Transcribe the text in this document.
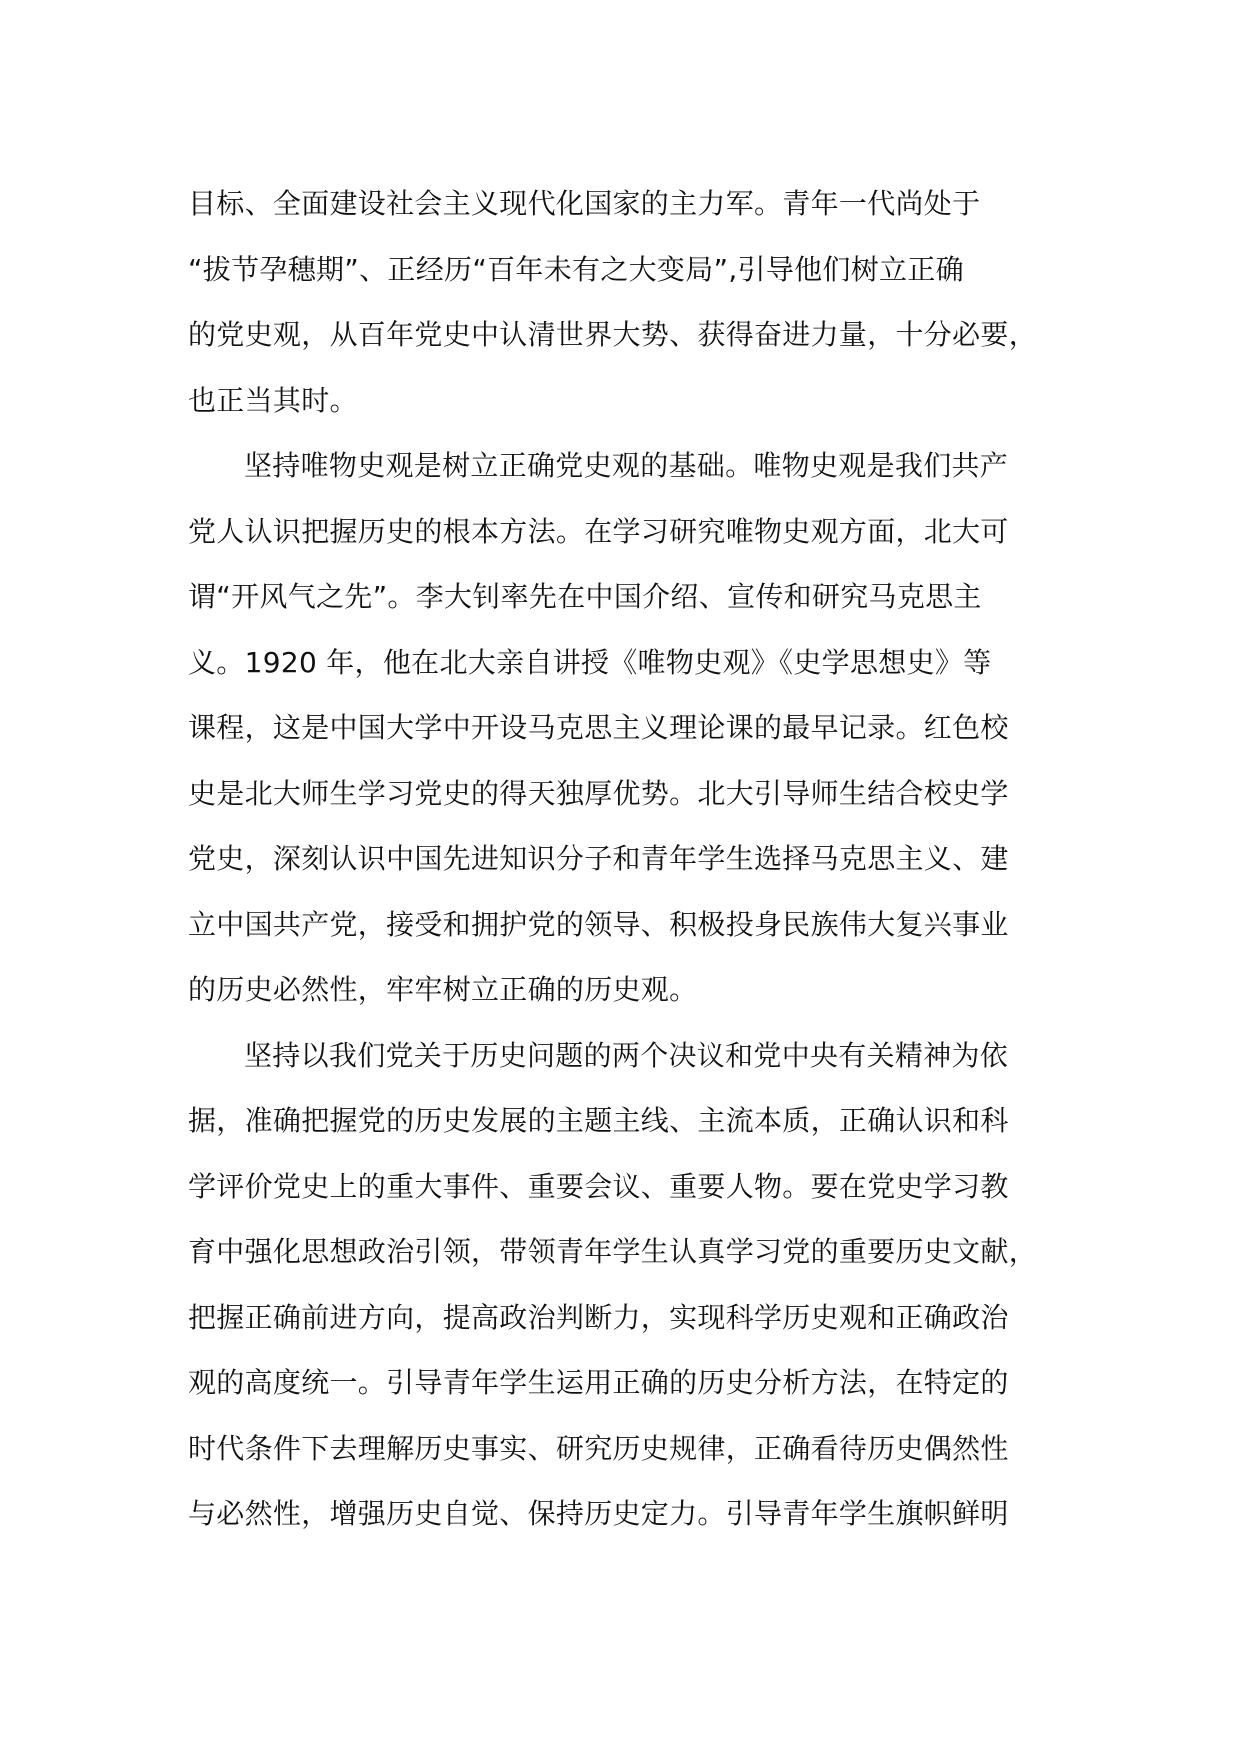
目标、全面建设社会主义现代化国家的主力军。青年一代尚处于
“拔节孕穗期”、正经历“百年未有之大变局”,引导他们树立正确
的党史观，从百年党史中认清世界大势、获得奋进力量，十分必要，
也正当其时。
坚持唯物史观是树立正确党史观的基础。唯物史观是我们共产
党人认识把握历史的根本方法。在学习研究唯物史观方面，北大可
谓“开风气之先”。李大钊率先在中国介绍、宣传和研究马克思主
义。1920 年，他在北大亲自讲授《唯物史观》《史学思想史》等
课程，这是中国大学中开设马克思主义理论课的最早记录。红色校
史是北大师生学习党史的得天独厚优势。北大引导师生结合校史学
党史，深刻认识中国先进知识分子和青年学生选择马克思主义、建
立中国共产党，接受和拥护党的领导、积极投身民族伟大复兴事业
的历史必然性，牢牢树立正确的历史观。
坚持以我们党关于历史问题的两个决议和党中央有关精神为依
据，准确把握党的历史发展的主题主线、主流本质，正确认识和科
学评价党史上的重大事件、重要会议、重要人物。要在党史学习教
育中强化思想政治引领，带领青年学生认真学习党的重要历史文献，
把握正确前进方向，提高政治判断力，实现科学历史观和正确政治
观的高度统一。引导青年学生运用正确的历史分析方法，在特定的
时代条件下去理解历史事实、研究历史规律，正确看待历史偶然性
与必然性，增强历史自觉、保持历史定力。引导青年学生旗帜鲜明
